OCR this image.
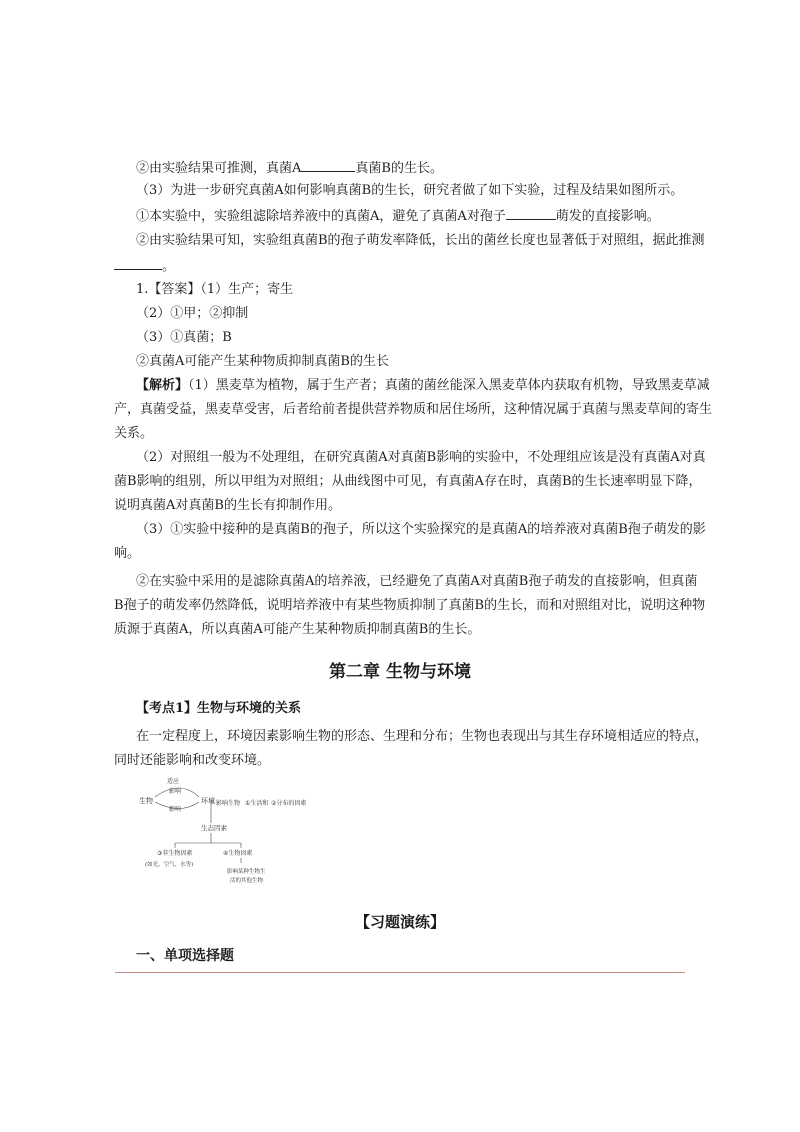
②由实验结果可推测，真菌A	真菌B的生长。
（3）为进一步研究真菌A如何影响真菌B的生长，研究者做了如下实验，过程及结果如图所示。
①本实验中，实验组滤除培养液中的真菌A，避免了真菌A对孢子	萌发的直接影响。
②由实验结果可知，实验组真菌B的孢子萌发率降低，长出的菌丝长度也显著低于对照组，据此推测
。
1.【答案】（1）生产；寄生
（2）①甲；②抑制
（3）①真菌；B
②真菌A可能产生某种物质抑制真菌B的生长
【解析】（1）黑麦草为植物，属于生产者；真菌的菌丝能深入黑麦草体内获取有机物，导致黑麦草减
产，真菌受益，黑麦草受害，后者给前者提供营养物质和居住场所，这种情况属于真菌与黑麦草间的寄生
关系。
（2）对照组一般为不处理组，在研究真菌A对真菌B影响的实验中，不处理组应该是没有真菌A对真
菌B影响的组别，所以甲组为对照组；从曲线图中可见，有真菌A存在时，真菌B的生长速率明显下降，
说明真菌A对真菌B的生长有抑制作用。
（3）①实验中接种的是真菌B的孢子，所以这个实验探究的是真菌A的培养液对真菌B孢子萌发的影
响。
②在实验中采用的是滤除真菌A的培养液，已经避免了真菌A对真菌B孢子萌发的直接影响，但真菌
B孢子的萌发率仍然降低，说明培养液中有某些物质抑制了真菌B的生长，而和对照组对比，说明这种物
质源于真菌A，所以真菌A可能产生某种物质抑制真菌B的生长。
第二章 生物与环境
【考点1】生物与环境的关系
在一定程度上，环境因素影响生物的形态、生理和分布；生物也表现出与其生存环境相适应的特点，
同时还能影响和改变环境。
生物	环境
适应
影响
影响
影响生物 ①生活和 ②分布的因素
生态因素
③非生物因素	④生物因素
(如光、空气、水等)
影响某种生物生
活的其他生物
【习题演练】
一、单项选择题
